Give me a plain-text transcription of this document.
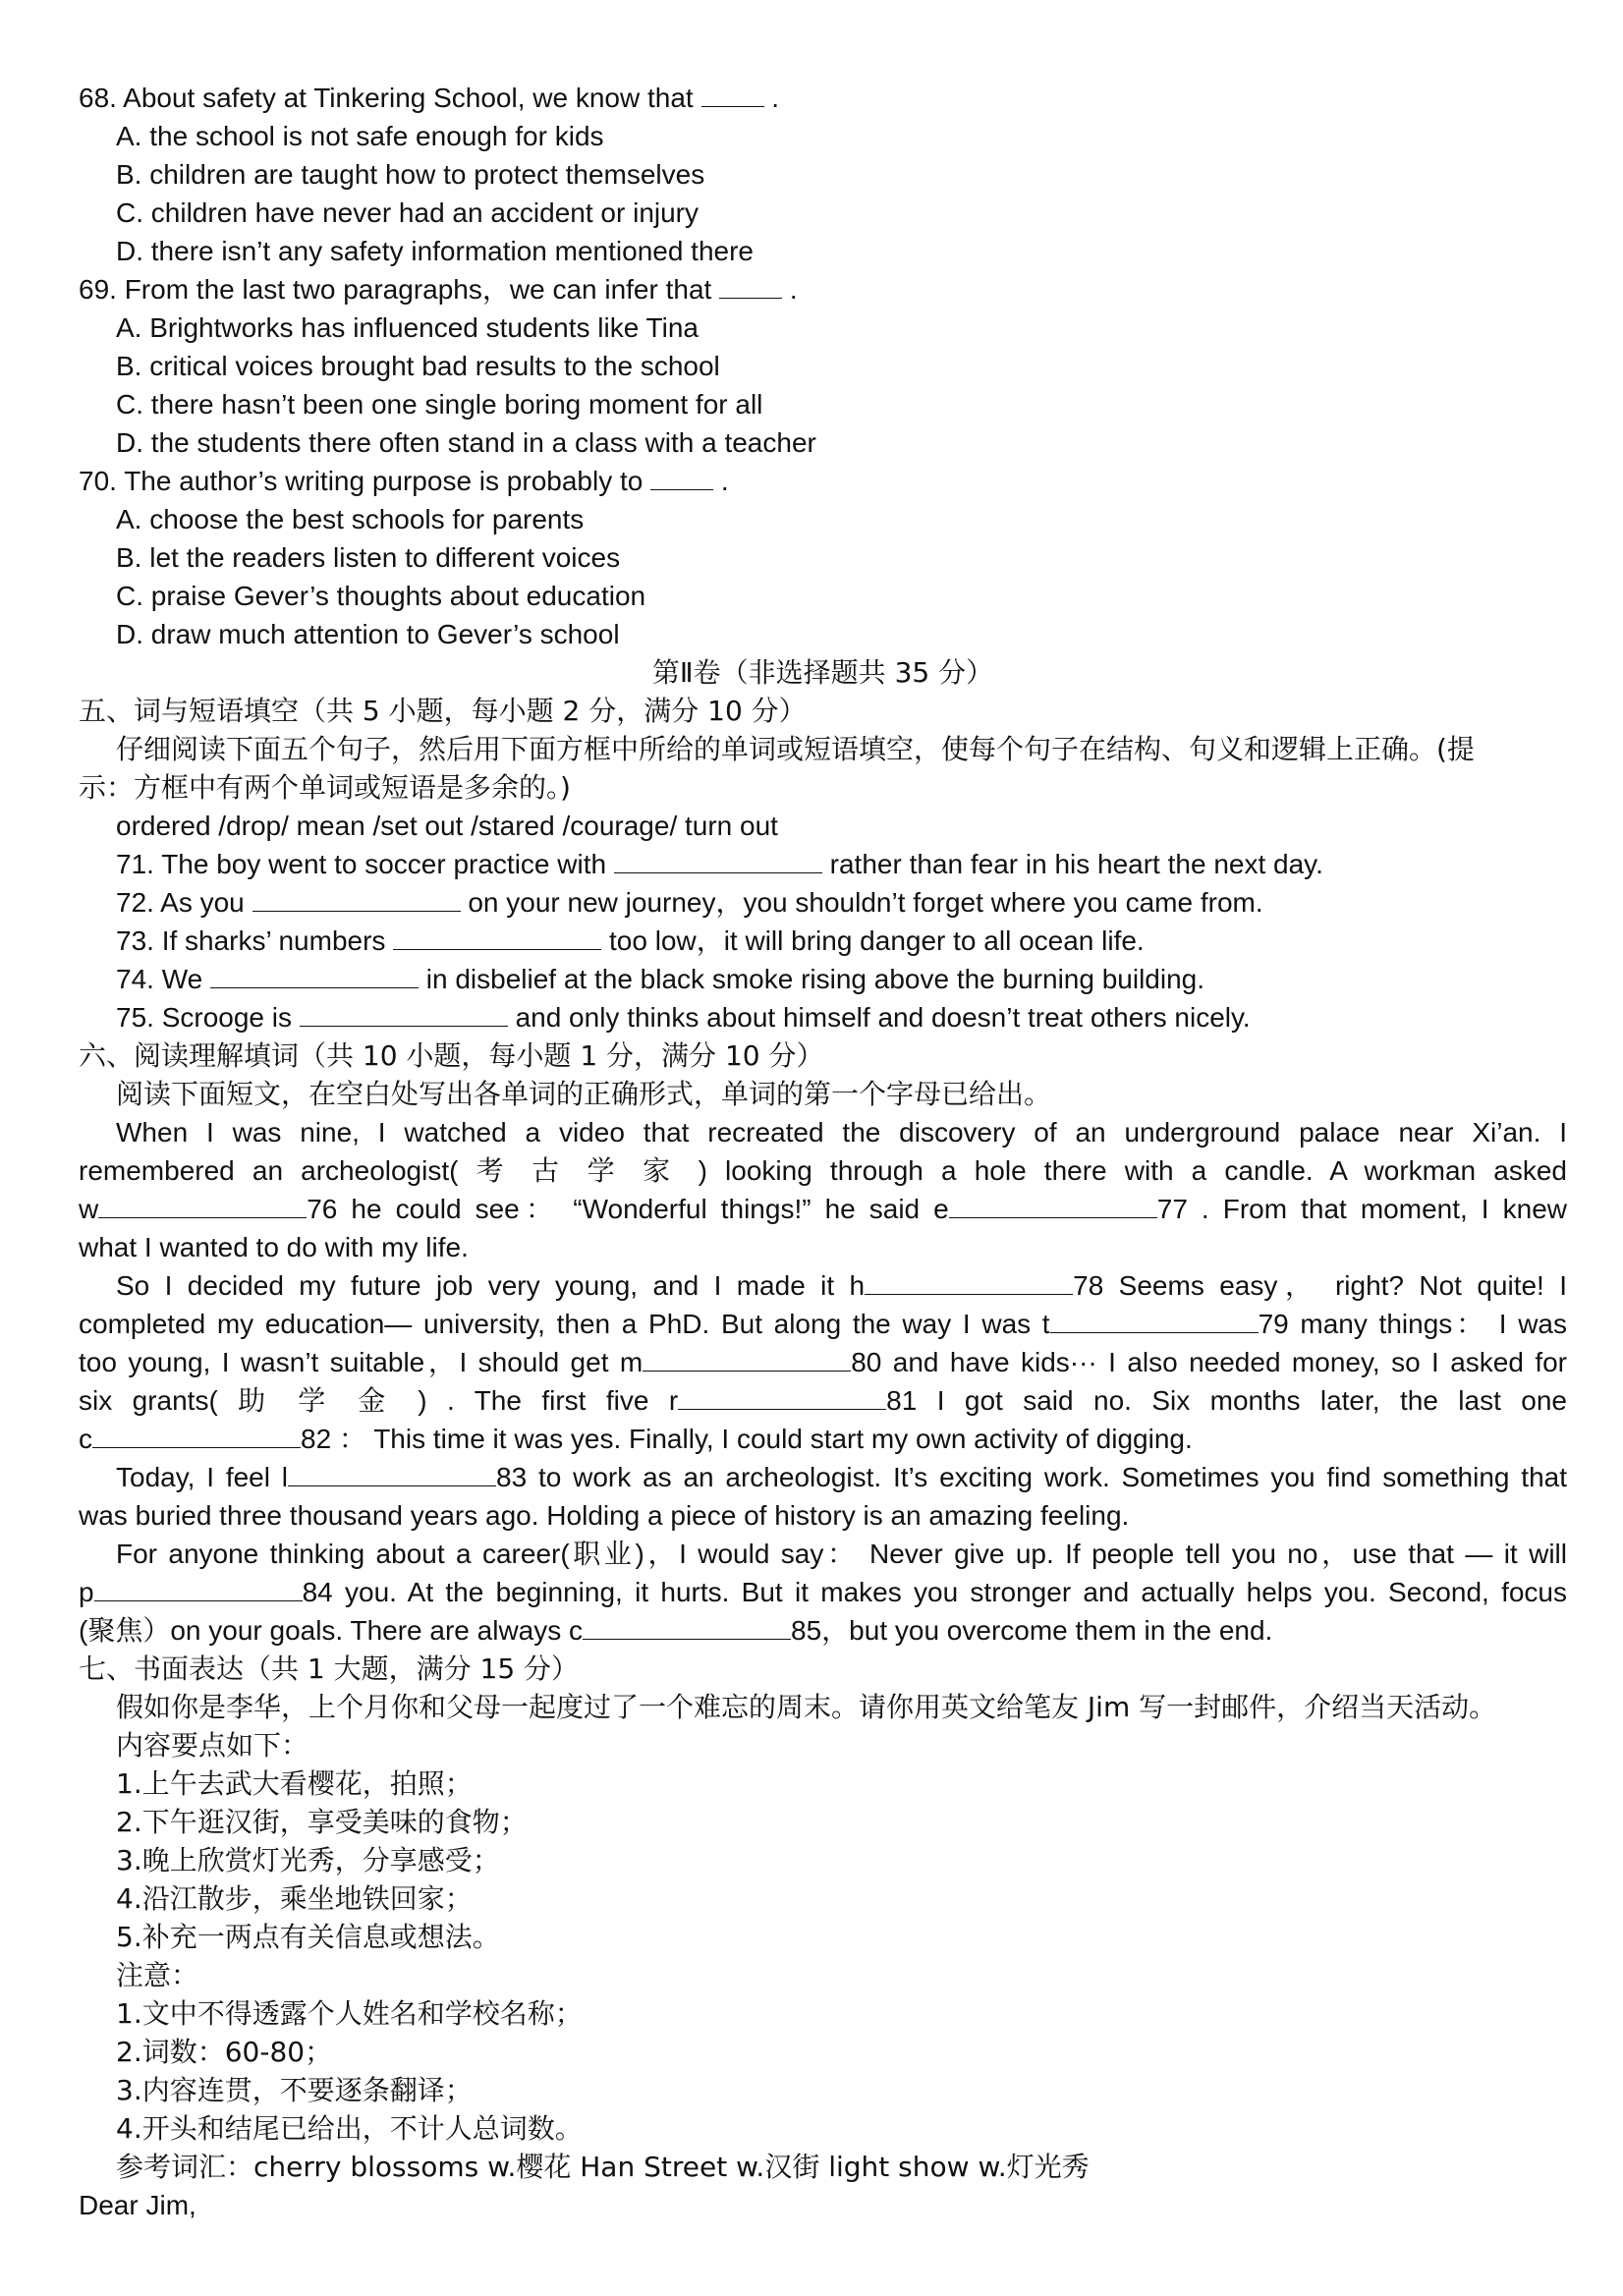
68. About safety at Tinkering School, we know that	.

A. the school is not safe enough for kids

B. children are taught how to protect themselves

C. children have never had an accident or injury

D. there isn’t any safety information mentioned there

69. From the last two paragraphs，we can infer that	.

A. Brightworks has influenced students like Tina

B. critical voices brought bad results to the school

C. there hasn’t been one single boring moment for all

D. the students there often stand in a class with a teacher

70. The author’s writing purpose is probably to	.

A. choose the best schools for parents

B. let the readers listen to different voices

C. praise Gever’s thoughts about education

D. draw much attention to Gever’s school

第Ⅱ卷（非选择题共 35 分）

五、词与短语填空（共 5 小题，每小题 2 分，满分 10 分）

仔细阅读下面五个句子，然后用下面方框中所给的单词或短语填空，使每个句子在结构、句义和逻辑上正确。(提

示：方框中有两个单词或短语是多余的。)

ordered /drop/ mean /set out /stared /courage/ turn out

71. The boy went to soccer practice with	rather than fear in his heart the next day.

72. As you	on your new journey，you shouldn’t forget where you came from.

73. If sharks’ numbers	too low，it will bring danger to all ocean life.

74. We	in disbelief at the black smoke rising above the burning building.

75. Scrooge is	and only thinks about himself and doesn’t treat others nicely.

六、阅读理解填词（共 10 小题，每小题 1 分，满分 10 分）

阅读下面短文，在空白处写出各单词的正确形式，单词的第一个字母已给出。

When I was nine, I watched a video that recreated the discovery of an underground palace near Xi’an. I

remembered an archeologist( 考 古 学 家 ) looking through a hole there with a candle. A workman asked

w	76 he could see： “Wonderful things!” he said e	77 . From that moment, I knew

what I wanted to do with my life.

So I decided my future job very young, and I made it h	78 Seems easy， right? Not quite! I

completed my education— university, then a PhD. But along the way I was t	79 many things： I was

too young, I wasn’t suitable，I should get m	80 and have kids··· I also needed money, so I asked for

six grants( 助 学 金 ) . The first five r	81 I got said no. Six months later, the last one

c	82 ： This time it was yes. Finally, I could start my own activity of digging.

Today, I feel l	83 to work as an archeologist. It’s exciting work. Sometimes you find something that

was buried three thousand years ago. Holding a piece of history is an amazing feeling.

For anyone thinking about a career(职业)，I would say： Never give up. If people tell you no，use that — it will

p	84 you. At the beginning, it hurts. But it makes you stronger and actually helps you. Second, focus

(聚焦）on your goals. There are always c	85，but you overcome them in the end.

七、书面表达（共 1 大题，满分 15 分）

假如你是李华，上个月你和父母一起度过了一个难忘的周末。请你用英文给笔友 Jim 写一封邮件，介绍当天活动。

内容要点如下：

1.上午去武大看樱花，拍照；

2.下午逛汉街，享受美味的食物；

3.晚上欣赏灯光秀，分享感受；

4.沿江散步，乘坐地铁回家；

5.补充一两点有关信息或想法。

注意：

1.文中不得透露个人姓名和学校名称；

2.词数：60-80；

3.内容连贯，不要逐条翻译；

4.开头和结尾已给出，不计人总词数。

参考词汇：cherry blossoms w.樱花 Han Street w.汉街 light show w.灯光秀

Dear Jim,
